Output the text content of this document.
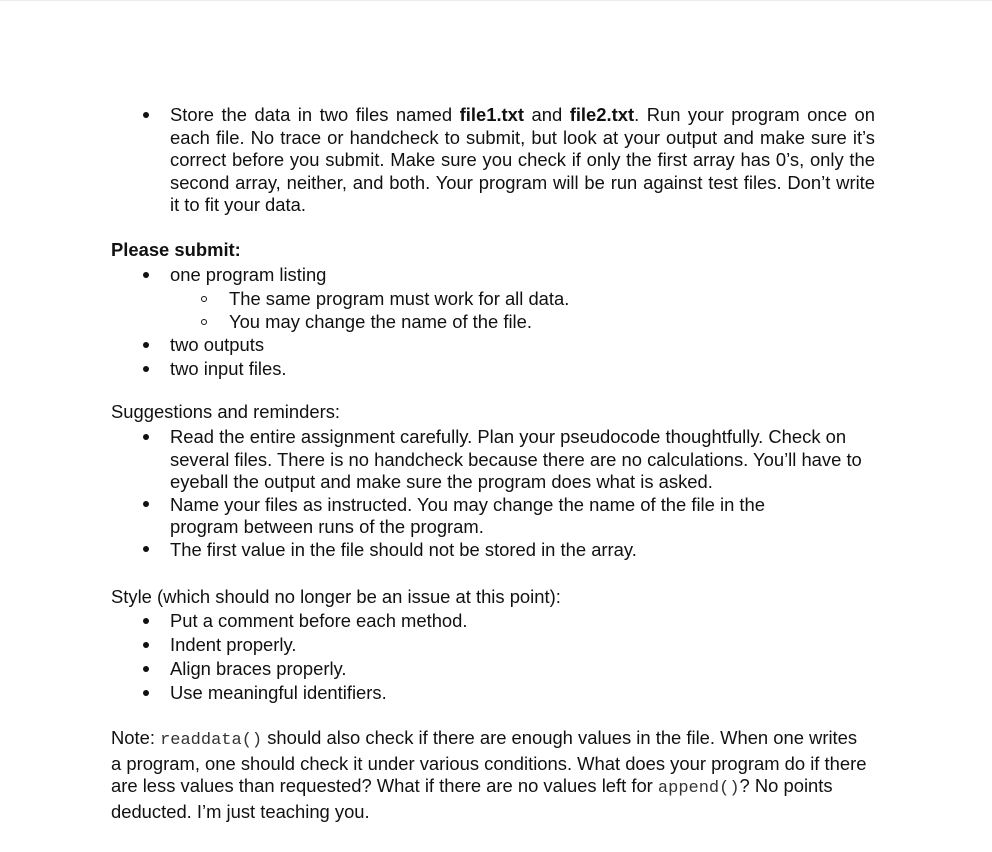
Store the data in two files named file1.txt and file2.txt. Run your program once on each file. No trace or handcheck to submit, but look at your output and make sure it’s correct before you submit. Make sure you check if only the first array has 0’s, only the second array, neither, and both. Your program will be run against test files. Don’t write it to fit your data.
Please submit:
one program listing
The same program must work for all data.
You may change the name of the file.
two outputs
two input files.
Suggestions and reminders:
Read the entire assignment carefully. Plan your pseudocode thoughtfully. Check on several files. There is no handcheck because there are no calculations. You’ll have to eyeball the output and make sure the program does what is asked.
Name your files as instructed. You may change the name of the file in the program between runs of the program.
The first value in the file should not be stored in the array.
Style (which should no longer be an issue at this point):
Put a comment before each method.
Indent properly.
Align braces properly.
Use meaningful identifiers.
Note: readdata() should also check if there are enough values in the file. When one writes a program, one should check it under various conditions. What does your program do if there are less values than requested? What if there are no values left for append()? No points deducted. I’m just teaching you.
